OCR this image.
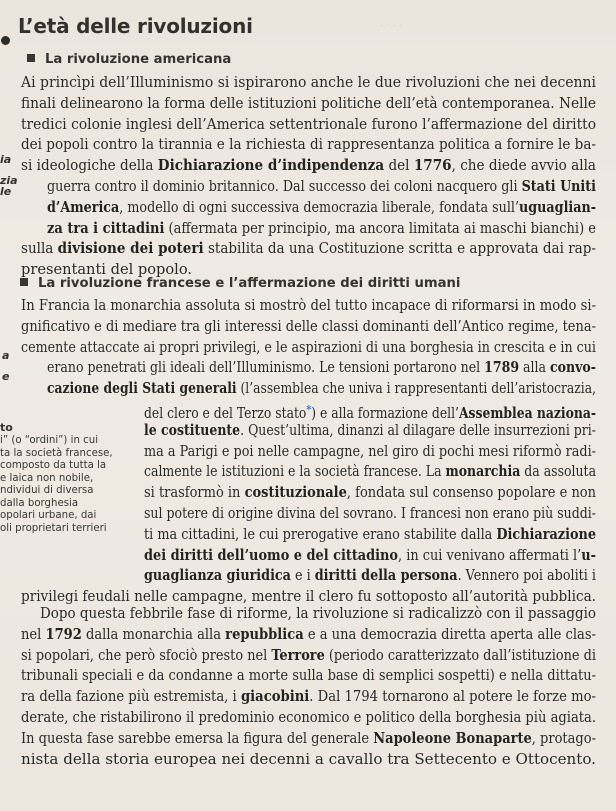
L’età delle rivoluzioni	. . . .
La rivoluzione americana
Ai princìpi dell’Illuminismo si ispirarono anche le due rivoluzioni che nei decenni
finali delinearono la forma delle istituzioni politiche dell’età contemporanea. Nelle
tredici colonie inglesi dell’America settentrionale furono l’affermazione del diritto
dei popoli contro la tirannia e la richiesta di rappresentanza politica a fornire le ba-
si ideologiche della Dichiarazione d’indipendenza del 1776, che diede avvio alla
guerra contro il dominio britannico. Dal successo dei coloni nacquero gli Stati Uniti
d’America, modello di ogni successiva democrazia liberale, fondata sull’uguaglian-
za tra i cittadini (affermata per principio, ma ancora limitata ai maschi bianchi) e
sulla divisione dei poteri stabilita da una Costituzione scritta e approvata dai rap-
presentanti del popolo.
La rivoluzione francese e l’affermazione dei diritti umani
In Francia la monarchia assoluta si mostrò del tutto incapace di riformarsi in modo si-
gnificativo e di mediare tra gli interessi delle classi dominanti dell’Antico regime, tena-
cemente attaccate ai propri privilegi, e le aspirazioni di una borghesia in crescita e in cui
erano penetrati gli ideali dell’Illuminismo. Le tensioni portarono nel 1789 alla convo-
cazione degli Stati generali (l’assemblea che univa i rappresentanti dell’aristocrazia,
del clero e del Terzo stato*) e alla formazione dell’Assemblea naziona-
le costituente. Quest’ultima, dinanzi al dilagare delle insurrezioni pri-
ma a Parigi e poi nelle campagne, nel giro di pochi mesi riformò radi-
calmente le istituzioni e la società francese. La monarchia da assoluta
si trasformò in costituzionale, fondata sul consenso popolare e non
sul potere di origine divina del sovrano. I francesi non erano più suddi-
ti ma cittadini, le cui prerogative erano stabilite dalla Dichiarazione
dei diritti dell’uomo e del cittadino, in cui venivano affermati l’u-
guaglianza giuridica e i diritti della persona. Vennero poi aboliti i
privilegi feudali nelle campagne, mentre il clero fu sottoposto all’autorità pubblica.
Dopo questa febbrile fase di riforme, la rivoluzione si radicalizzò con il passaggio
nel 1792 dalla monarchia alla repubblica e a una democrazia diretta aperta alle clas-
si popolari, che però sfociò presto nel Terrore (periodo caratterizzato dall’istituzione di
tribunali speciali e da condanne a morte sulla base di semplici sospetti) e nella dittatu-
ra della fazione più estremista, i giacobini. Dal 1794 tornarono al potere le forze mo-
derate, che ristabilirono il predominio economico e politico della borghesia più agiata.
In questa fase sarebbe emersa la figura del generale Napoleone Bonaparte, protago-
nista della storia europea nei decenni a cavallo tra Settecento e Ottocento.
ia
zia
le
a
e
to
i” (o “ordini”) in cui
ta la società francese,
composto da tutta la
e laica non nobile,
ndividui di diversa
dalla borghesia
opolari urbane, dai
oli proprietari terrieri
